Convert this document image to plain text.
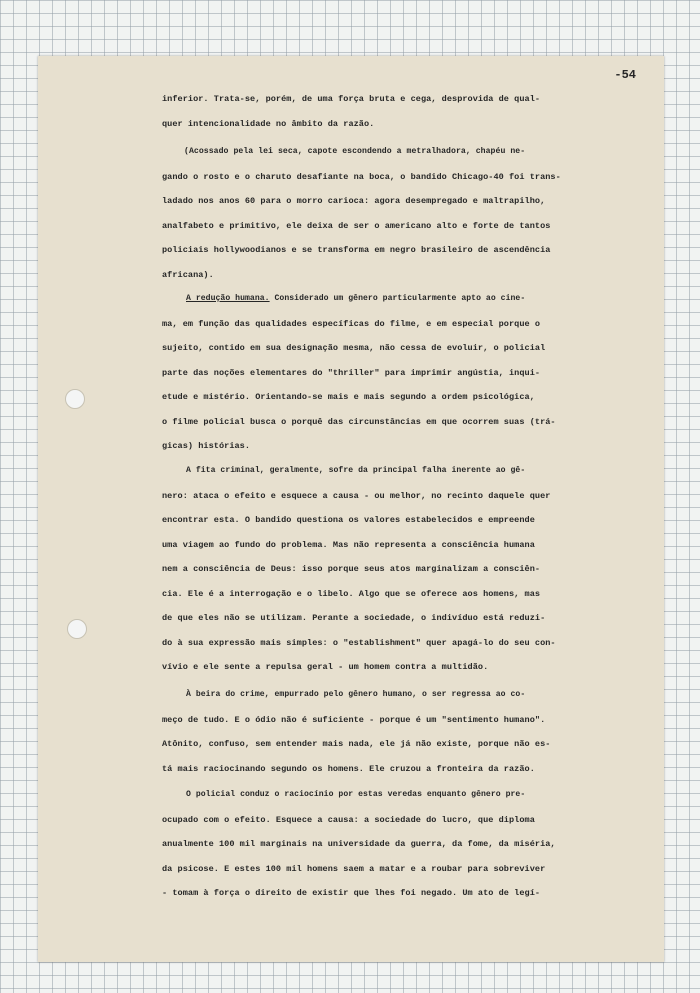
-54
inferior. Trata-se, porém, de uma força bruta e cega, desprovida de qual-
quer intencionalidade no âmbito da razão.
(Acossado pela lei seca, capote escondendo a metralhadora, chapéu ne-
gando o rosto e o charuto desafiante na boca, o bandido Chicago-40 foi trans-
ladado nos anos 60 para o morro carioca: agora desempregado e maltrapilho,
analfabeto e primitivo, ele deixa de ser o americano alto e forte de tantos
policiais hollywoodianos e se transforma em negro brasileiro de ascendência
africana).
A redução humana. Considerado um gênero particularmente apto ao cine-
ma, em função das qualidades específicas do filme, e em especial porque o
sujeito, contido em sua designação mesma, não cessa de evoluir, o policial
parte das noções elementares do "thriller" para imprimir angústia, inqui-
etude e mistério. Orientando-se mais e mais segundo a ordem psicológica,
o filme policial busca o porquê das circunstâncias em que ocorrem suas (trá-
gicas) histórias.
A fita criminal, geralmente, sofre da principal falha inerente ao gê-
nero: ataca o efeito e esquece a causa - ou melhor, no recinto daquele quer
encontrar esta. O bandido questiona os valores estabelecidos e empreende
uma viagem ao fundo do problema. Mas não representa a consciência humana
nem a consciência de Deus: isso porque seus atos marginalizam a consciên-
cia. Ele é a interrogação e o libelo. Algo que se oferece aos homens, mas
de que eles não se utilizam. Perante a sociedade, o indivíduo está reduzi-
do à sua expressão mais simples: o "establishment" quer apagá-lo do seu con-
vívio e ele sente a repulsa geral - um homem contra a multidão.
À beira do crime, empurrado pelo gênero humano, o ser regressa ao co-
meço de tudo. E o ódio não é suficiente - porque é um "sentimento humano".
Atônito, confuso, sem entender mais nada, ele já não existe, porque não es-
tá mais raciocinando segundo os homens. Ele cruzou a fronteira da razão.
O policial conduz o raciocínio por estas veredas enquanto gênero pre-
ocupado com o efeito. Esquece a causa: a sociedade do lucro, que diploma
anualmente 100 mil marginais na universidade da guerra, da fome, da miséria,
da psicose. E estes 100 mil homens saem a matar e a roubar para sobreviver
- tomam à força o direito de existir que lhes foi negado. Um ato de legí-
